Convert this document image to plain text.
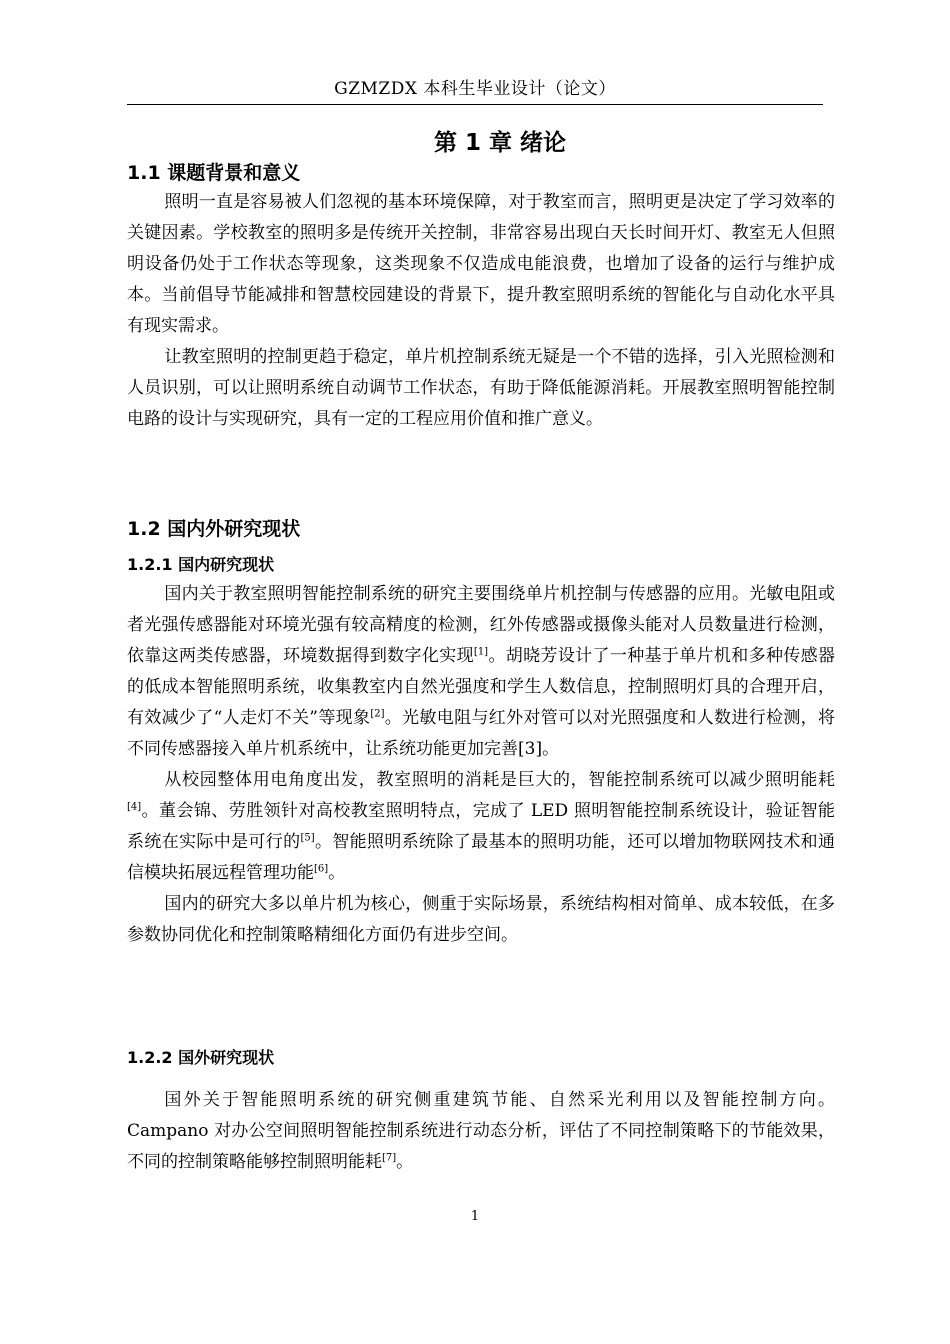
GZMZDX 本科生毕业设计（论文）
第 1 章 绪论
1.1 课题背景和意义

照明一直是容易被人们忽视的基本环境保障，对于教室而言，照明更是决定了学习效率的关键因素。学校教室的照明多是传统开关控制，非常容易出现白天长时间开灯、教室无人但照明设备仍处于工作状态等现象，这类现象不仅造成电能浪费，也增加了设备的运行与维护成本。当前倡导节能减排和智慧校园建设的背景下，提升教室照明系统的智能化与自动化水平具有现实需求。

让教室照明的控制更趋于稳定，单片机控制系统无疑是一个不错的选择，引入光照检测和人员识别，可以让照明系统自动调节工作状态，有助于降低能源消耗。开展教室照明智能控制电路的设计与实现研究，具有一定的工程应用价值和推广意义。

1.2 国内外研究现状
1.2.1 国内研究现状

国内关于教室照明智能控制系统的研究主要围绕单片机控制与传感器的应用。光敏电阻或者光强传感器能对环境光强有较高精度的检测，红外传感器或摄像头能对人员数量进行检测，依靠这两类传感器，环境数据得到数字化实现[1]。胡晓芳设计了一种基于单片机和多种传感器的低成本智能照明系统，收集教室内自然光强度和学生人数信息，控制照明灯具的合理开启，有效减少了“人走灯不关”等现象[2]。光敏电阻与红外对管可以对光照强度和人数进行检测，将不同传感器接入单片机系统中，让系统功能更加完善[3]。

从校园整体用电角度出发，教室照明的消耗是巨大的，智能控制系统可以减少照明能耗[4]。董会锦、劳胜领针对高校教室照明特点，完成了 LED 照明智能控制系统设计，验证智能系统在实际中是可行的[5]。智能照明系统除了最基本的照明功能，还可以增加物联网技术和通信模块拓展远程管理功能[6]。

国内的研究大多以单片机为核心，侧重于实际场景，系统结构相对简单、成本较低，在多参数协同优化和控制策略精细化方面仍有进步空间。

1.2.2 国外研究现状

国外关于智能照明系统的研究侧重建筑节能、自然采光利用以及智能控制方向。Campano 对办公空间照明智能控制系统进行动态分析，评估了不同控制策略下的节能效果，不同的控制策略能够控制照明能耗[7]。

1
